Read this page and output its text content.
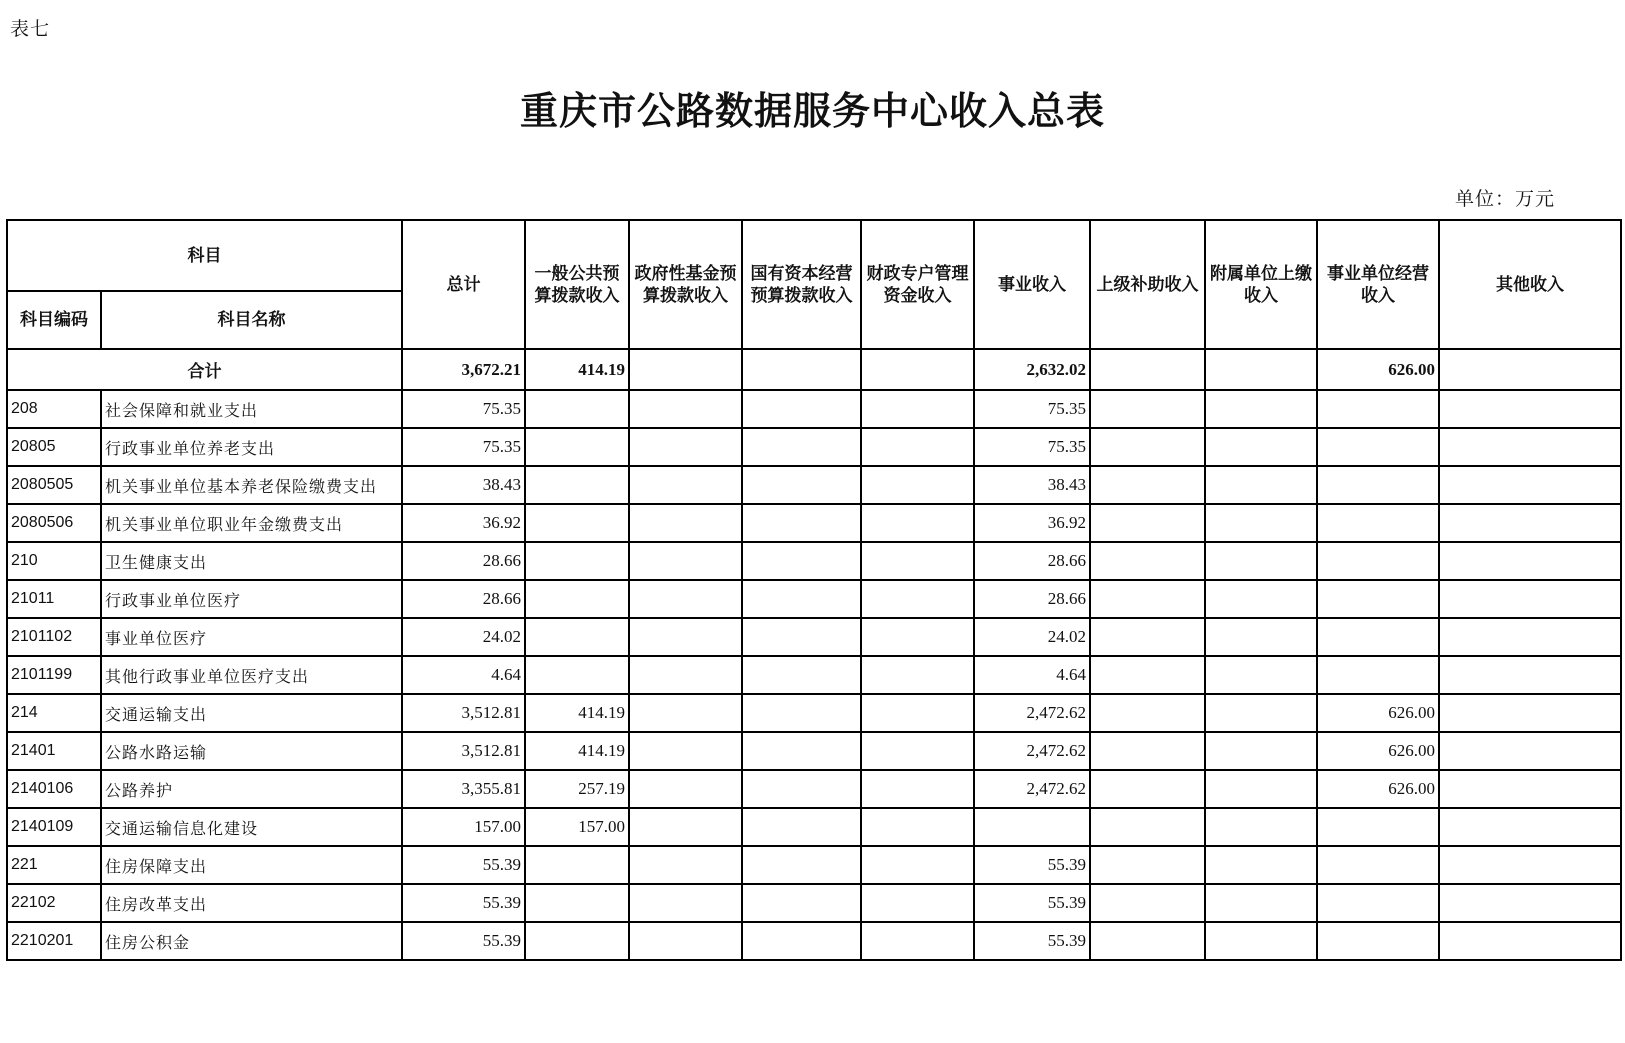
表七
重庆市公路数据服务中心收入总表
单位：万元
科目		总计	一般公共预算拨款收入	政府性基金预算拨款收入	国有资本经营预算拨款收入	财政专户管理资金收入	事业收入	上级补助收入	附属单位上缴收入	事业单位经营收入	其他收入
科目编码	科目名称										
合计		3,672.21	414.19				2,632.02			626.00	
208	社会保障和就业支出	75.35					75.35				
20805	行政事业单位养老支出	75.35					75.35				
2080505	机关事业单位基本养老保险缴费支出	38.43					38.43				
2080506	机关事业单位职业年金缴费支出	36.92					36.92				
210	卫生健康支出	28.66					28.66				
21011	行政事业单位医疗	28.66					28.66				
2101102	事业单位医疗	24.02					24.02				
2101199	其他行政事业单位医疗支出	4.64					4.64				
214	交通运输支出	3,512.81	414.19				2,472.62			626.00	
21401	公路水路运输	3,512.81	414.19				2,472.62			626.00	
2140106	公路养护	3,355.81	257.19				2,472.62			626.00	
2140109	交通运输信息化建设	157.00	157.00								
221	住房保障支出	55.39					55.39				
22102	住房改革支出	55.39					55.39				
2210201	住房公积金	55.39					55.39				
